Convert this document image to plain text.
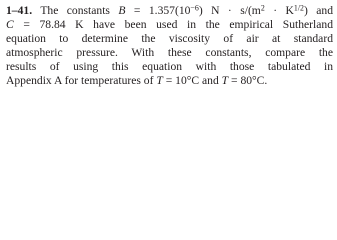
1–41. The constants $B = 1.357(10^{-6}) N \cdot s/(m^2 \cdot K^{1/2})$ and
C = 78.84 K have been used in the empirical Sutherland
equation to determine the viscosity of air at standard
atmospheric pressure. With these constants, compare the
results of using this equation with those tabulated in
Appendix A for temperatures of T = 10°C and T = 80°C.
